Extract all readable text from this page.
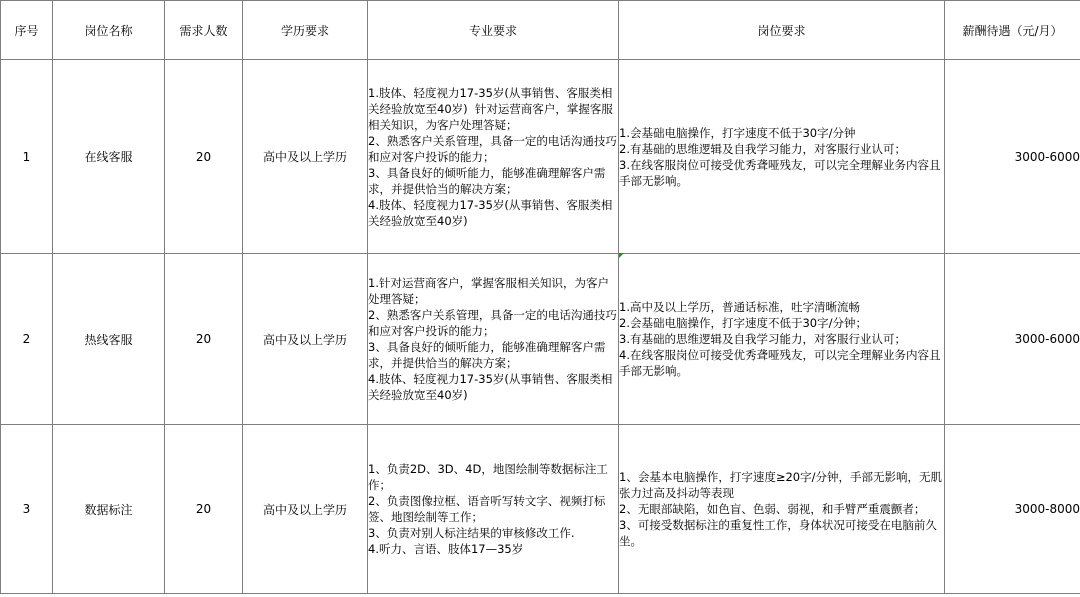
序号	岗位名称	需求人数	学历要求	专业要求	岗位要求	薪酬待遇（元/月）
1	在线客服	20	高中及以上学历	1.肢体、轻度视力17-35岁(从事销售、客服类相关经验放宽至40岁)  针对运营商客户，掌握客服相关知识，为客户处理答疑；
2、熟悉客户关系管理，具备一定的电话沟通技巧和应对客户投诉的能力；
3、具备良好的倾听能力，能够准确理解客户需求，并提供恰当的解决方案；
4.肢体、轻度视力17-35岁(从事销售、客服类相关经验放宽至40岁)	1.会基础电脑操作，打字速度不低于30字/分钟
2.有基础的思维逻辑及自我学习能力，对客服行业认可；
3.在线客服岗位可接受优秀聋哑残友，可以完全理解业务内容且手部无影响。	3000-6000
2	热线客服	20	高中及以上学历	1.针对运营商客户，掌握客服相关知识，为客户处理答疑；
2、熟悉客户关系管理，具备一定的电话沟通技巧和应对客户投诉的能力；
3、具备良好的倾听能力，能够准确理解客户需求，并提供恰当的解决方案；
4.肢体、轻度视力17-35岁(从事销售、客服类相关经验放宽至40岁)	1.高中及以上学历，普通话标准，吐字清晰流畅
2.会基础电脑操作，打字速度不低于30字/分钟；
3.有基础的思维逻辑及自我学习能力，对客服行业认可；
4.在线客服岗位可接受优秀聋哑残友，可以完全理解业务内容且手部无影响。	3000-6000
3	数据标注	20	高中及以上学历	1、负责2D、3D、4D，地图绘制等数据标注工作；
2、负责图像拉框、语音听写转文字、视频打标签、地图绘制等工作；
3、负责对别人标注结果的审核修改工作.
4.听力、言语、肢体17—35岁	1、会基本电脑操作，打字速度≥20字/分钟，手部无影响，无肌张力过高及抖动等表现
2、无眼部缺陷，如色盲、色弱、弱视，和手臂严重震颤者；
3、可接受数据标注的重复性工作，身体状况可接受在电脑前久坐。	3000-8000
